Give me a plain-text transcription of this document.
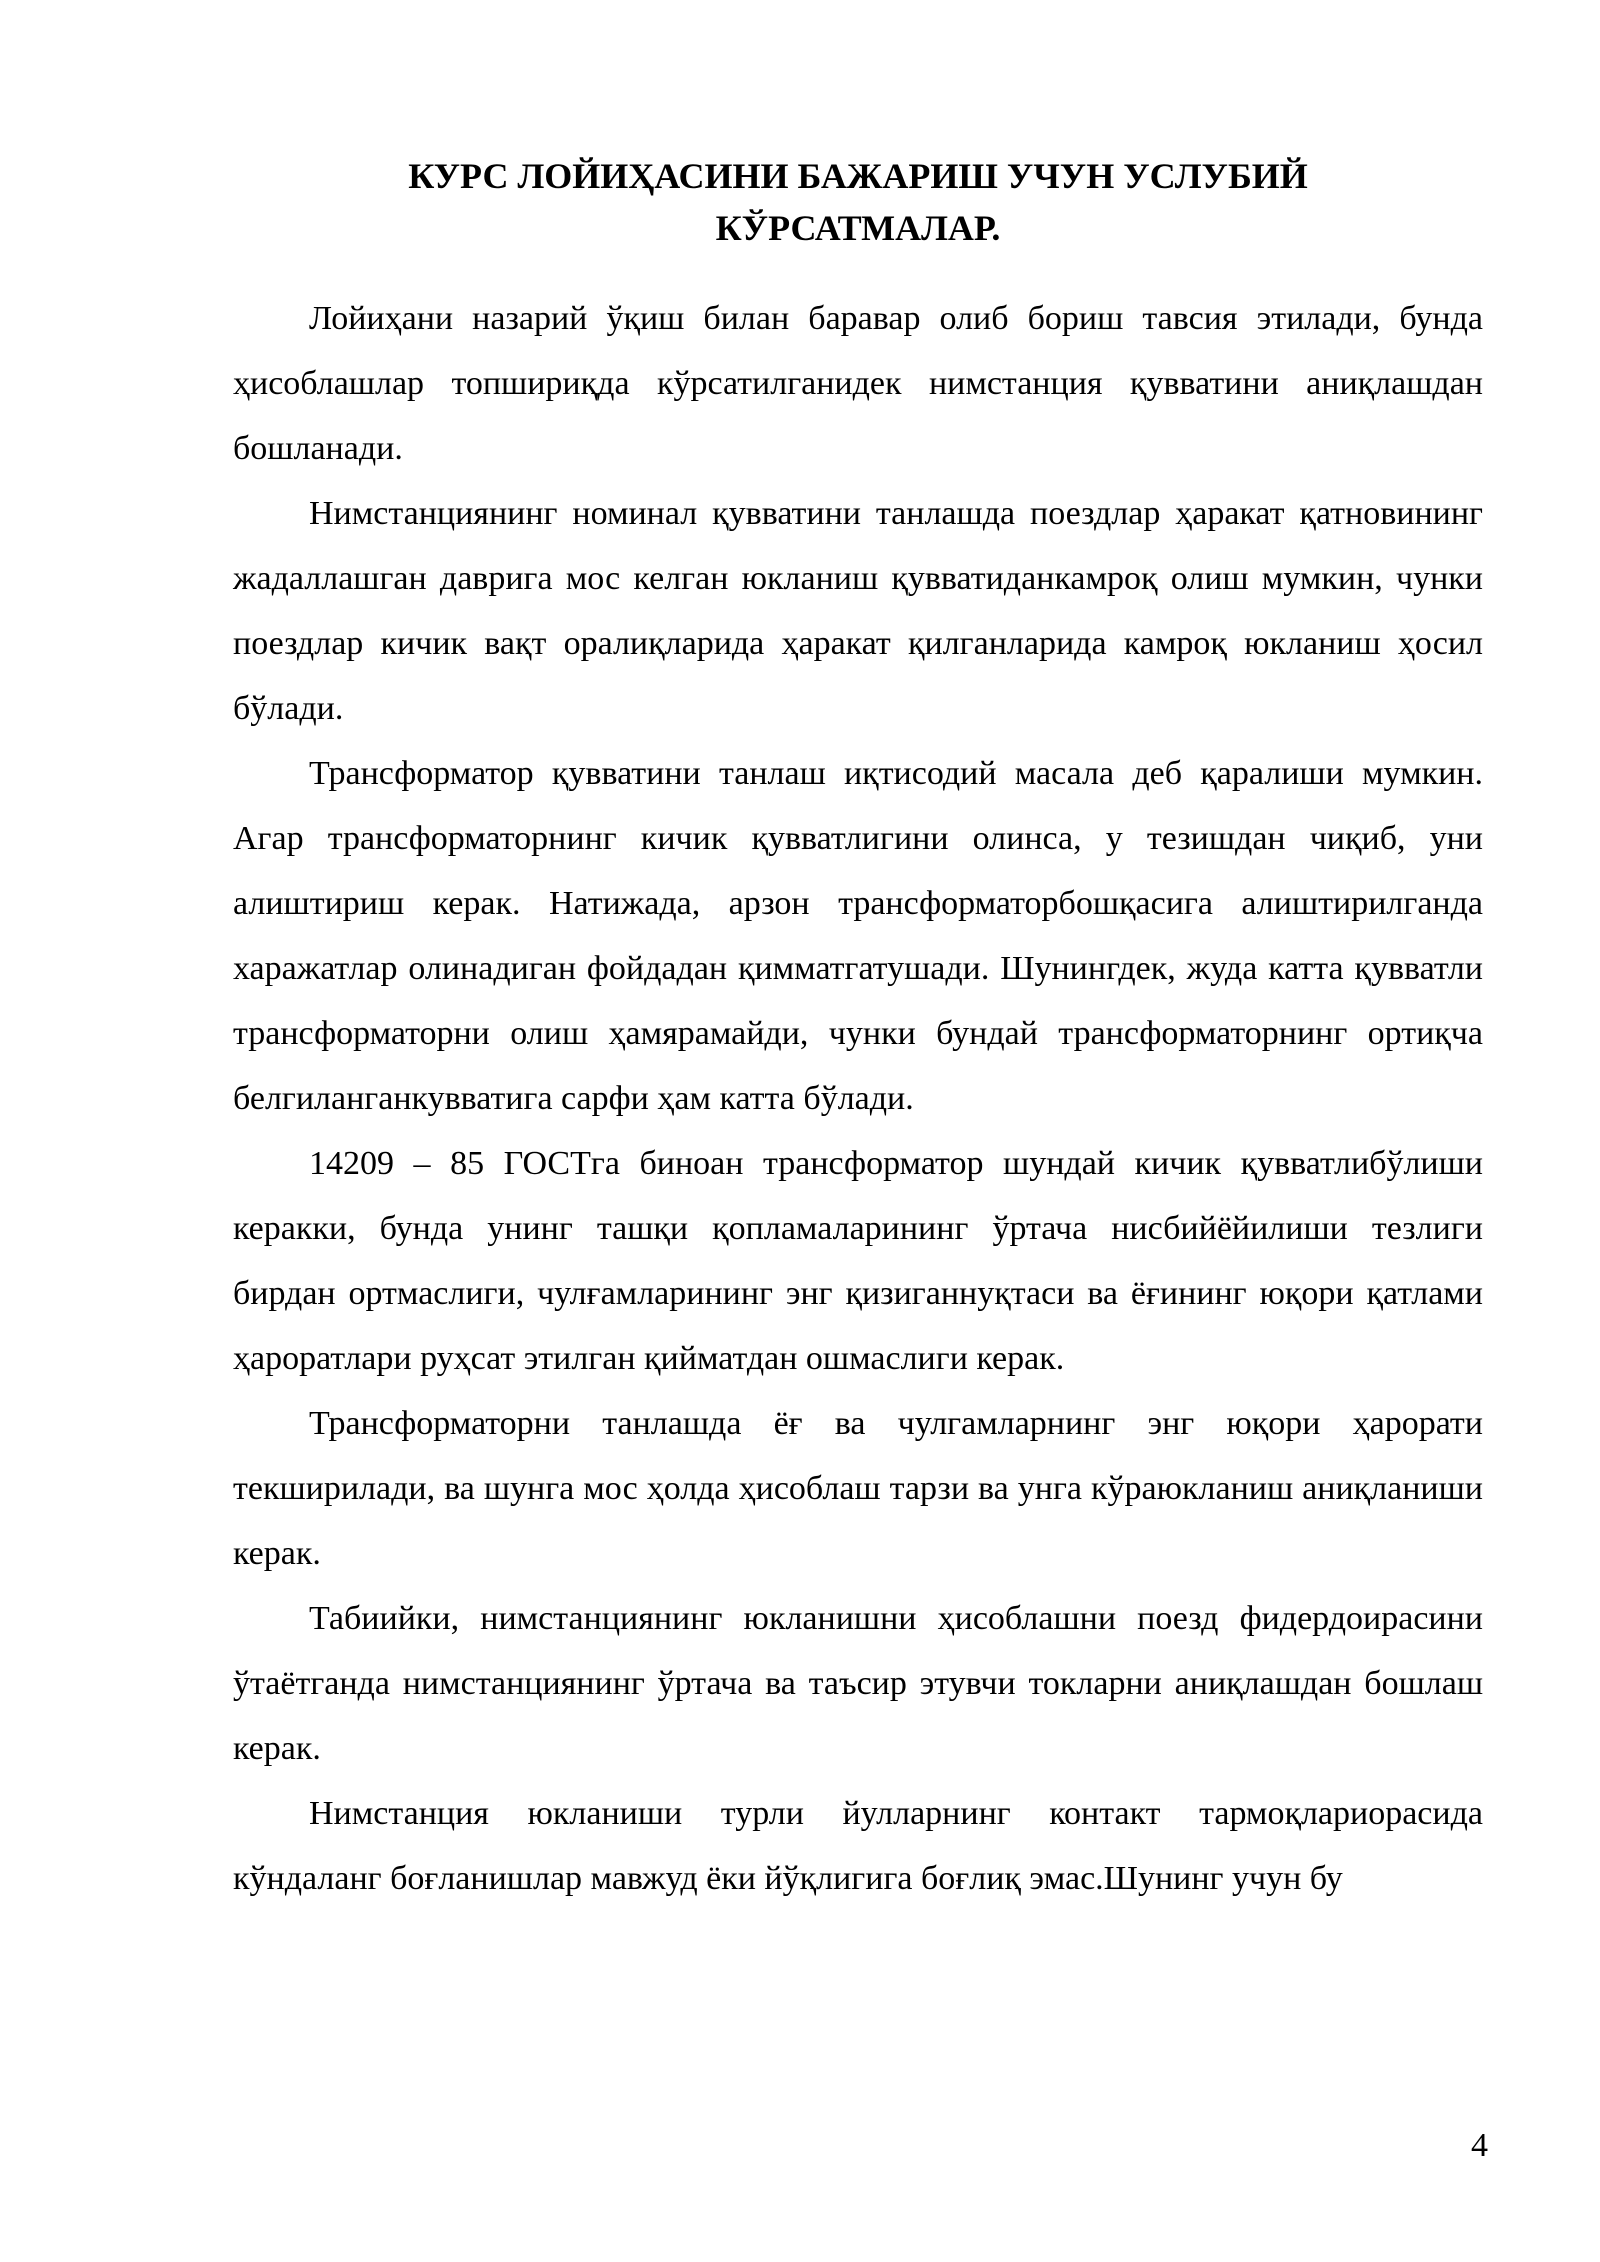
КУРС ЛОЙИҲАСИНИ БАЖАРИШ УЧУН УСЛУБИЙ
КЎРСАТМАЛАР.

Лойиҳани назарий ўқиш билан баравар олиб бориш тавсия этилади, бунда ҳисоблашлар топшириқда кўрсатилганидек нимстанция қувватини аниқлашдан бошланади.

Нимстанциянинг номинал қувватини танлашда поездлар ҳаракат қатновининг жадаллашган даврига мос келган юкланиш қувватиданкамроқ олиш мумкин, чунки поездлар кичик вақт оралиқларида ҳаракат қилганларида камроқ юкланиш ҳосил бўлади.

Трансформатор қувватини танлаш иқтисодий масала деб қаралиши мумкин. Агар трансформаторнинг кичик қувватлигини олинса, у тезишдан чиқиб, уни алиштириш керак. Натижада, арзон трансформаторбошқасига алиштирилганда харажатлар олинадиган фойдадан қимматгатушади. Шунингдек, жуда катта қувватли трансформаторни олиш ҳамярамайди, чунки бундай трансформаторнинг ортиқча белгиланганкувватига сарфи ҳам катта бўлади.

14209 – 85 ГОСТга биноан трансформатор шундай кичик қувватлибўлиши керакки, бунда унинг ташқи қопламаларининг ўртача нисбийёйилиши тезлиги бирдан ортмаслиги, чулғамларининг энг қизиганнуқтаси ва ёғининг юқори қатлами ҳароратлари руҳсат этилган қийматдан ошмаслиги керак.

Трансформаторни танлашда ёғ ва чулгамларнинг энг юқори ҳарорати текширилади, ва шунга мос ҳолда ҳисоблаш тарзи ва унга кўраюкланиш аниқланиши керак.

Табиийки, нимстанциянинг юкланишни ҳисоблашни поезд фидердоирасини ўтаётганда нимстанциянинг ўртача ва таъсир этувчи токларни аниқлашдан бошлаш керак.

Нимстанция юкланиши турли йулларнинг контакт тармоқлариорасида кўндаланг боғланишлар мавжуд ёки йўқлигига боғлиқ эмас.Шунинг учун бу

4
